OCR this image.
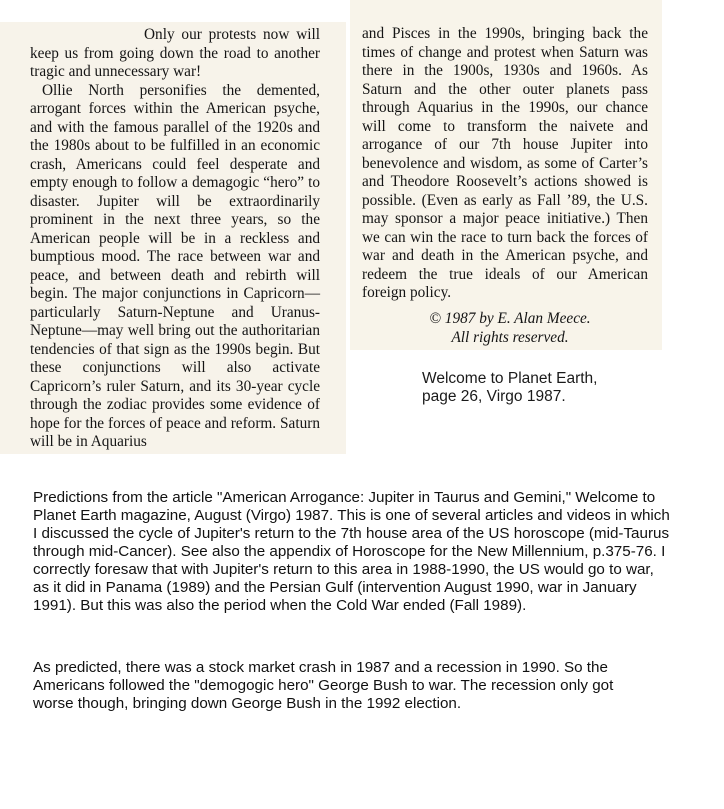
Only our protests now will keep us from going down the road to another tragic and unnecessary war!

Ollie North personifies the demented, arrogant forces within the American psyche, and with the famous parallel of the 1920s and the 1980s about to be fulfilled in an economic crash, Americans could feel desperate and empty enough to follow a demagogic “hero” to disaster. Jupiter will be extraordinarily prominent in the next three years, so the American people will be in a reckless and bumptious mood. The race between war and peace, and between death and rebirth will begin. The major conjunctions in Capricorn—particularly Saturn-Neptune and Uranus-Neptune—may well bring out the authoritarian tendencies of that sign as the 1990s begin. But these conjunctions will also activate Capricorn’s ruler Saturn, and its 30-year cycle through the zodiac provides some evidence of hope for the forces of peace and reform. Saturn will be in Aquarius

and Pisces in the 1990s, bringing back the times of change and protest when Saturn was there in the 1900s, 1930s and 1960s. As Saturn and the other outer planets pass through Aquarius in the 1990s, our chance will come to transform the naivete and arrogance of our 7th house Jupiter into benevolence and wisdom, as some of Carter’s and Theodore Roosevelt’s actions showed is possible. (Even as early as Fall ’89, the U.S. may sponsor a major peace initiative.) Then we can win the race to turn back the forces of war and death in the American psyche, and redeem the true ideals of our American foreign policy.

© 1987 by E. Alan Meece.
All rights reserved.
Welcome to Planet Earth,
page 26, Virgo 1987.

Predictions from the article "American Arrogance: Jupiter in Taurus and Gemini," Welcome to Planet Earth magazine, August (Virgo) 1987. This is one of several articles and videos in which I discussed the cycle of Jupiter's return to the 7th house area of the US horoscope (mid-Taurus through mid-Cancer). See also the appendix of Horoscope for the New Millennium, p.375-76. I correctly foresaw that with Jupiter's return to this area in 1988-1990, the US would go to war, as it did in Panama (1989) and the Persian Gulf (intervention August 1990, war in January 1991). But this was also the period when the Cold War ended (Fall 1989).

As predicted, there was a stock market crash in 1987 and a recession in 1990. So the Americans followed the "demogogic hero" George Bush to war. The recession only got worse though, bringing down George Bush in the 1992 election.
